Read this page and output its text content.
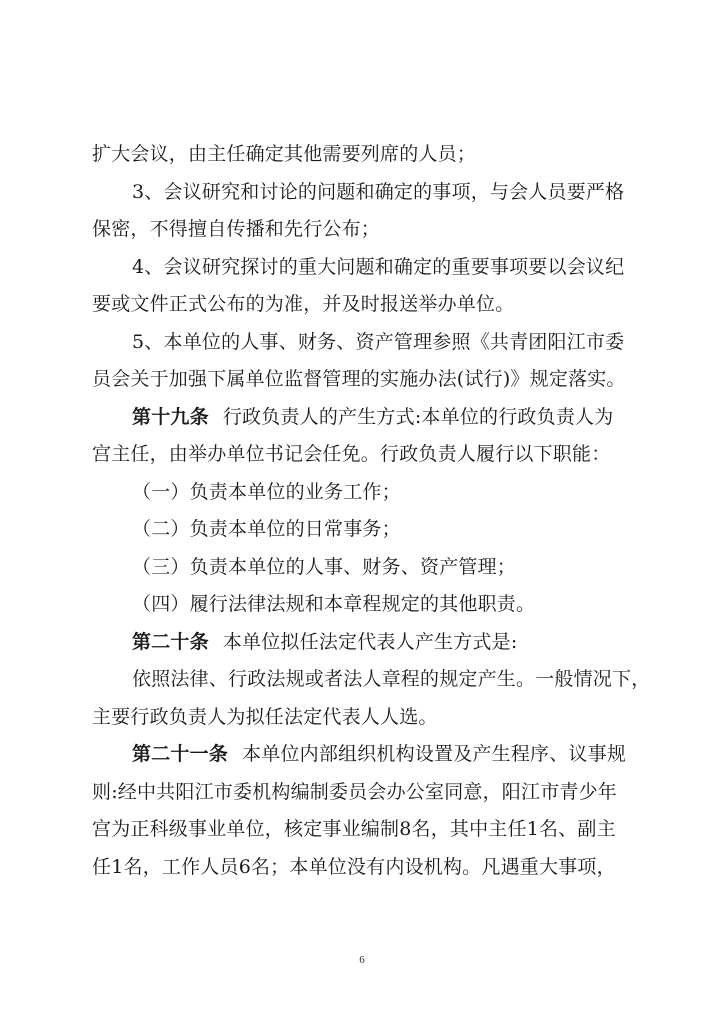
扩大会议，由主任确定其他需要列席的人员；
3、会议研究和讨论的问题和确定的事项，与会人员要严格
保密，不得擅自传播和先行公布；
4、会议研究探讨的重大问题和确定的重要事项要以会议纪
要或文件正式公布的为准，并及时报送举办单位。
5、本单位的人事、财务、资产管理参照《共青团阳江市委
员会关于加强下属单位监督管理的实施办法(试行)》规定落实。
第十九条 行政负责人的产生方式:本单位的行政负责人为
宫主任，由举办单位书记会任免。行政负责人履行以下职能：
（一）负责本单位的业务工作；
（二）负责本单位的日常事务；
（三）负责本单位的人事、财务、资产管理；
（四）履行法律法规和本章程规定的其他职责。
第二十条 本单位拟任法定代表人产生方式是:
依照法律、行政法规或者法人章程的规定产生。一般情况下，
主要行政负责人为拟任法定代表人人选。
第二十一条 本单位内部组织机构设置及产生程序、议事规
则:经中共阳江市委机构编制委员会办公室同意，阳江市青少年
宫为正科级事业单位，核定事业编制8名，其中主任1名、副主
任1名，工作人员6名；本单位没有内设机构。凡遇重大事项，
6
